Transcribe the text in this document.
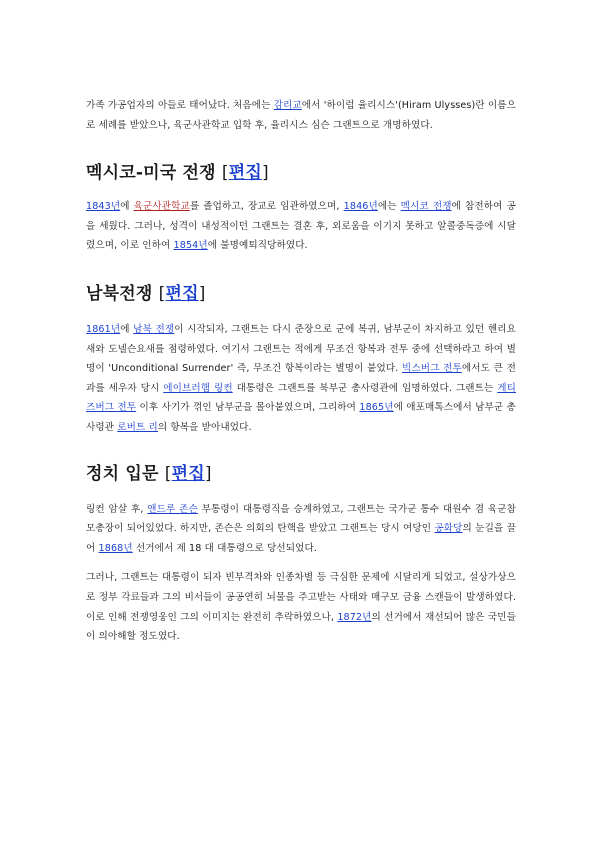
가족 가공업자의 아들로 태어났다. 처음에는 감리교에서 '하이럼 율리시스'(Hiram Ulysses)란 이름으로 세례를 받았으나, 육군사관학교 입학 후, 율리시스 심슨 그랜트으로 개명하였다.

멕시코-미국 전쟁 [편집]

1843년에 육군사관학교를 졸업하고, 장교로 임관하였으며, 1846년에는 멕시코 전쟁에 참전하여 공을 세웠다. 그러나, 성격이 내성적이던 그랜트는 결혼 후, 외로움을 이기지 못하고 알콜중독증에 시달렸으며, 이로 인하여 1854년에 불명예퇴직당하였다.

남북전쟁 [편집]

1861년에 남북 전쟁이 시작되자, 그랜트는 다시 준장으로 군에 복귀, 남부군이 차지하고 있던 헨리요새와 도넬슨요새를 점령하였다. 여기서 그랜트는 적에게 무조건 항복과 전투 중에 선택하라고 하여 별명이 'Unconditional Surrender' 즉, 무조건 항복이라는 별명이 붙었다. 빅스버그 전투에서도 큰 전과를 세우자 당시 에이브러햄 링컨 대통령은 그랜트를 북부군 총사령관에 임명하였다. 그랜트는 게티즈버그 전투 이후 사기가 꺾인 남부군을 몰아붙였으며, 그리하여 1865년에 애포매톡스에서 남부군 총사령관 로버트 리의 항복을 받아내었다.

정치 입문 [편집]

링컨 암살 후, 앤드루 존슨 부통령이 대통령직을 승계하였고, 그랜트는 국가군 통수 대원수 겸 육군참모총장이 되어있었다. 하지만, 존슨은 의회의 탄핵을 받았고 그랜트는 당시 여당인 공화당의 눈길을 끌어 1868년 선거에서 제 18 대 대통령으로 당선되었다.

그러나, 그랜트는 대통령이 되자 빈부격차와 인종차별 등 극심한 문제에 시달리게 되었고, 설상가상으로 정부 각료들과 그의 비서들이 공공연히 뇌물을 주고받는 사태와 매구모 금융 스캔들이 발생하였다. 이로 인해 전쟁영웅인 그의 이미지는 완전히 추락하였으나, 1872년의 선거에서 재선되어 많은 국민들이 의아해할 정도였다.
